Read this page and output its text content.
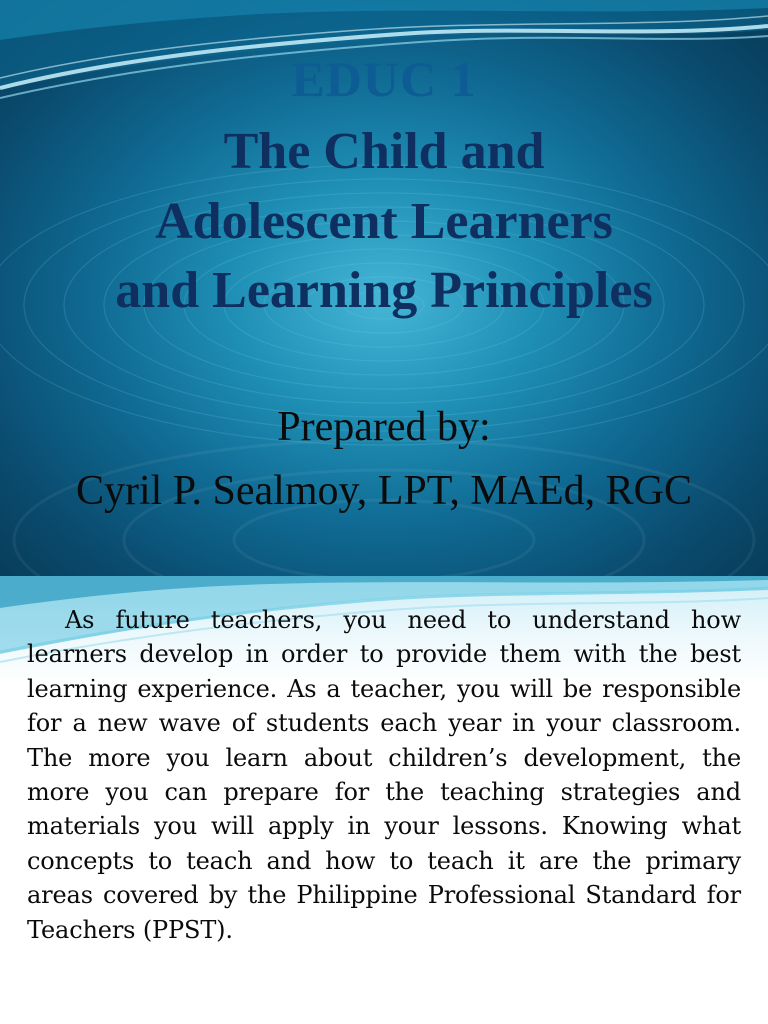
EDUC 1
The Child and
Adolescent Learners
and Learning Principles
Prepared by:
Cyril P. Sealmoy, LPT, MAEd, RGC

As future teachers, you need to understand how learners develop in order to provide them with the best learning experience. As a teacher, you will be responsible for a new wave of students each year in your classroom. The more you learn about children’s development, the more you can prepare for the teaching strategies and materials you will apply in your lessons. Knowing what concepts to teach and how to teach it are the primary areas covered by the Philippine Professional Standard for Teachers (PPST).
